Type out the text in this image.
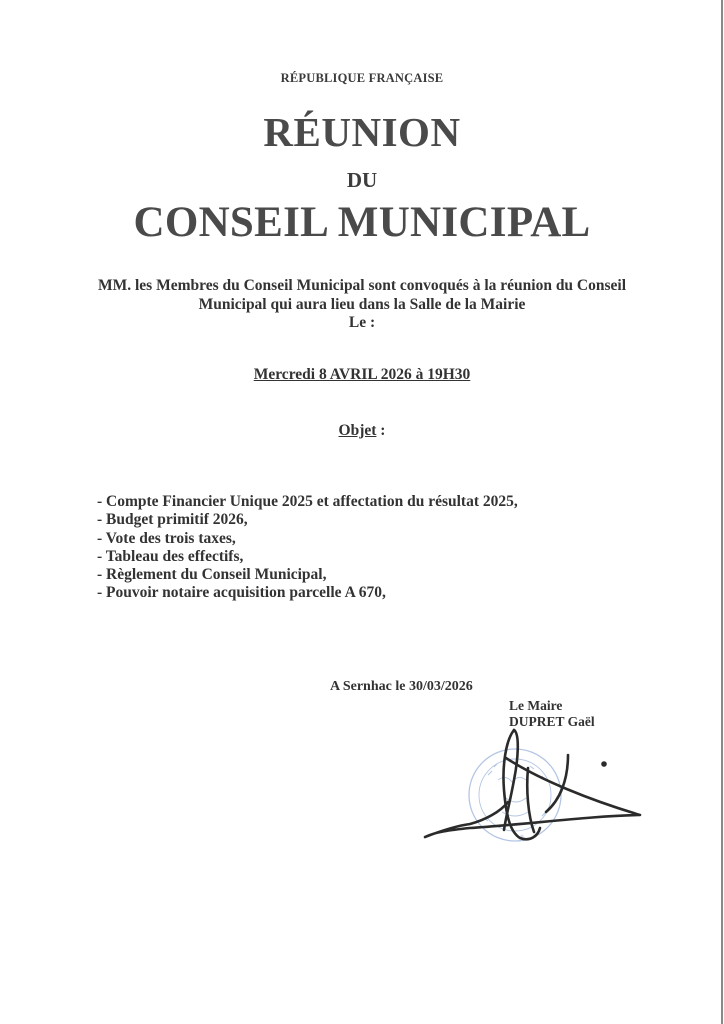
RÉPUBLIQUE FRANÇAISE
RÉUNION
DU
CONSEIL MUNICIPAL
MM. les Membres du Conseil Municipal sont convoqués à la réunion du Conseil
Municipal qui aura lieu dans la Salle de la Mairie
Le :
Mercredi 8 AVRIL 2026 à 19H30
Objet :
- Compte Financier Unique 2025 et affectation du résultat 2025,
- Budget primitif 2026,
- Vote des trois taxes,
- Tableau des effectifs,
- Règlement du Conseil Municipal,
- Pouvoir notaire acquisition parcelle A 670,
A Sernhac le 30/03/2026
Le Maire
DUPRET Gaël
*
